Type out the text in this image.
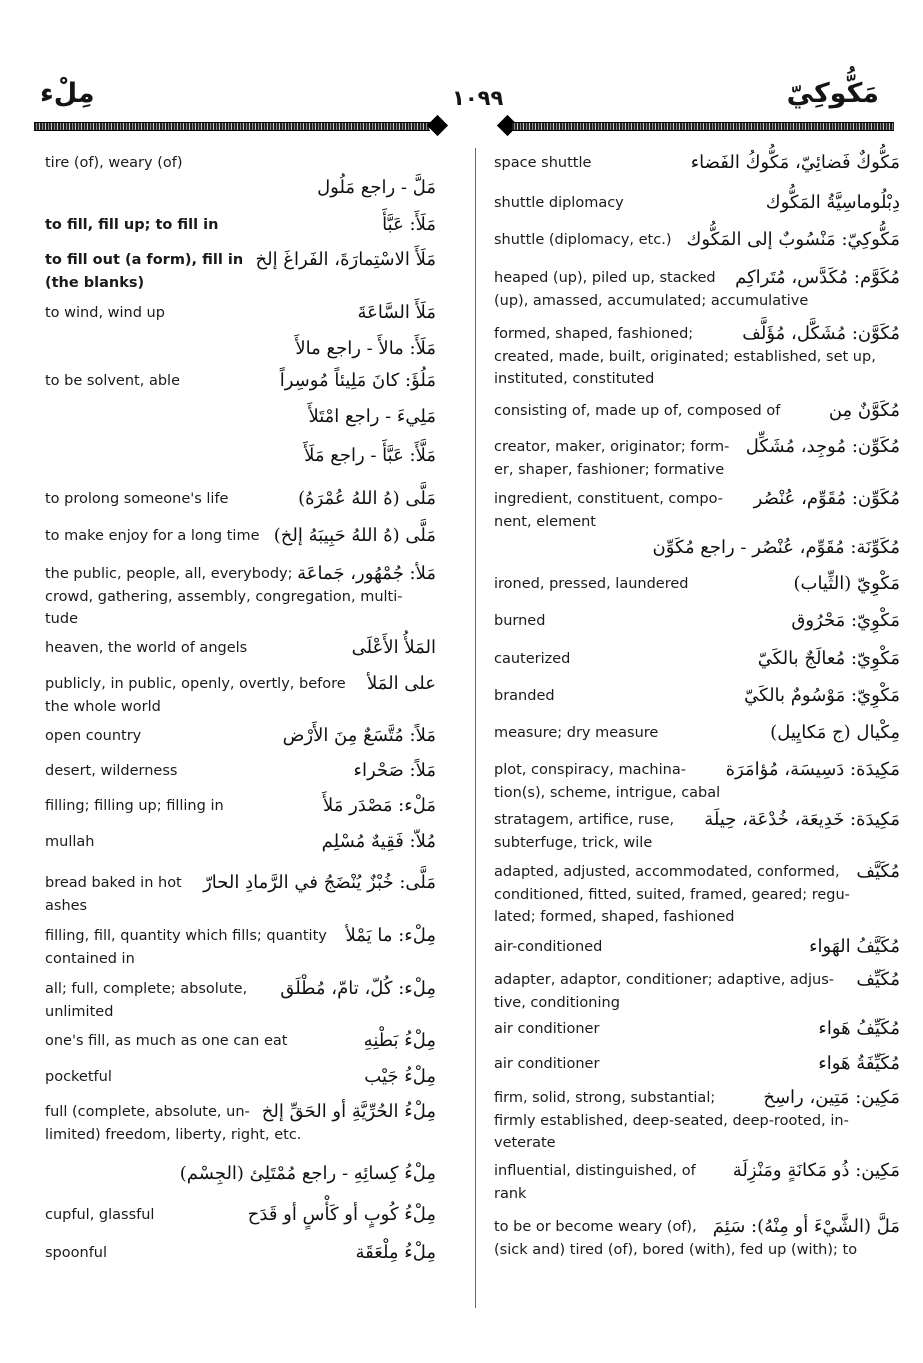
مِلْء	١٠٩٩	مَكُّوكِيّ
tire (of), weary (of)
مَلَّ - راجع مَلُول
to fill, fill up; to fill in	مَلَأَ: عَبَّأَ
to fill out (a form), fill in
(the blanks)
مَلَأَ الاسْتِمارَةَ، الفَراغَ إلخ
to wind, wind up	مَلَأَ السَّاعَةَ
مَلَأَ: مالأَ - راجع مالأَ
to be solvent, able	مَلُؤَ: كانَ مَلِيئاً مُوسِراً
مَلِيءَ - راجع امْتَلأَ
مَلَّأَ: عَبَّأَ - راجع مَلَأَ
to prolong someone's life	مَلَّى (هُ اللهُ عُمْرَهُ)
to make enjoy for a long time مَلَّى (هُ اللهُ حَبِيبَهُ إلخ)
the public, people, all, everybody;
crowd, gathering, assembly, congregation, multi-
tude
مَلأ: جُمْهُور، جَماعَة
heaven, the world of angels	المَلأُ الأَعْلَى
publicly, in public, openly, overtly, before
the whole world
على المَلأ
open country	مَلاً: مُتَّسَعٌ مِنَ الأَرْض
desert, wilderness	مَلاً: صَحْراء
filling; filling up; filling in	مَلْء: مَصْدَر مَلأَ
mullah	مُلاّ: فَقِيهٌ مُسْلِم
bread baked in hot
ashes
مَلَّى: خُبْزٌ يُنْضَجُ في الرَّمادِ الحارّ
filling, fill, quantity which fills; quantity
contained in
مِلْء: ما يَمْلأ
all; full, complete; absolute,
unlimited
مِلْء: كُلّ، تامّ، مُطْلَق
one's fill, as much as one can eat	مِلْءُ بَطْنِهِ
pocketful	مِلْءُ جَيْب
full (complete, absolute, un-
limited) freedom, liberty, right, etc.
مِلْءُ الحُرِّيَّةِ أو الحَقِّ إلخ
مِلْءُ كِسائِهِ - راجع مُمْتَلِئ (الجِسْم)
cupful, glassful	مِلْءُ كُوبٍ أو كَأْسٍ أو قَدَح
spoonful	مِلْءُ مِلْعَقَة
space shuttle	مَكُّوكٌ فَضائِيّ، مَكُّوكُ الفَضاء
shuttle diplomacy	دِبْلُوماسِيَّةُ المَكُّوك
shuttle (diplomacy, etc.) مَكُّوكِيّ: مَنْسُوبٌ إلى المَكُّوك
heaped (up), piled up, stacked
(up), amassed, accumulated; accumulative
مُكَوَّم: مُكَدَّس، مُتَراكِم
formed, shaped, fashioned;
created, made, built, originated; established, set up,
instituted, constituted
مُكَوَّن: مُشَكَّل، مُؤَلَّف
consisting of, made up of, composed of	مُكَوَّنٌ مِن
creator, maker, originator; form-
er, shaper, fashioner; formative
مُكَوِّن: مُوجِد، مُشَكِّل
ingredient, constituent, compo-
nent, element
مُكَوِّن: مُقَوِّم، عُنْصُر
مُكَوِّنَة: مُقَوِّم، عُنْصُر - راجع مُكَوِّن
ironed, pressed, laundered	مَكْوِيّ (الثِّياب)
burned	مَكْوِيّ: مَحْرُوق
cauterized	مَكْوِيّ: مُعالَجٌ بالكَيّ
branded	مَكْوِيّ: مَوْسُومٌ بالكَيّ
measure; dry measure	مِكْيال (ج مَكايِيل)
plot, conspiracy, machina-
tion(s), scheme, intrigue, cabal
مَكِيدَة: دَسِيسَة، مُؤامَرَة
stratagem, artifice, ruse,
subterfuge, trick, wile
مَكِيدَة: خَدِيعَة، خُدْعَة، حِيلَة
adapted, adjusted, accommodated, conformed,
conditioned, fitted, suited, framed, geared; regu-
lated; formed, shaped, fashioned
مُكَيَّف
air-conditioned	مُكَيَّفُ الهَواء
adapter, adaptor, conditioner; adaptive, adjus-
tive, conditioning
مُكَيِّف
air conditioner	مُكَيِّفُ هَواء
air conditioner	مُكَيِّفَةُ هَواء
firm, solid, strong, substantial;
firmly established, deep-seated, deep-rooted, in-
veterate
مَكِين: مَتِين، راسِخ
influential, distinguished, of
rank
مَكِين: ذُو مَكانَةٍ ومَنْزِلَة
to be or become weary (of),
(sick and) tired (of), bored (with), fed up (with); to
مَلَّ (الشَّيْءَ أو مِنْهُ): سَئِمَ
